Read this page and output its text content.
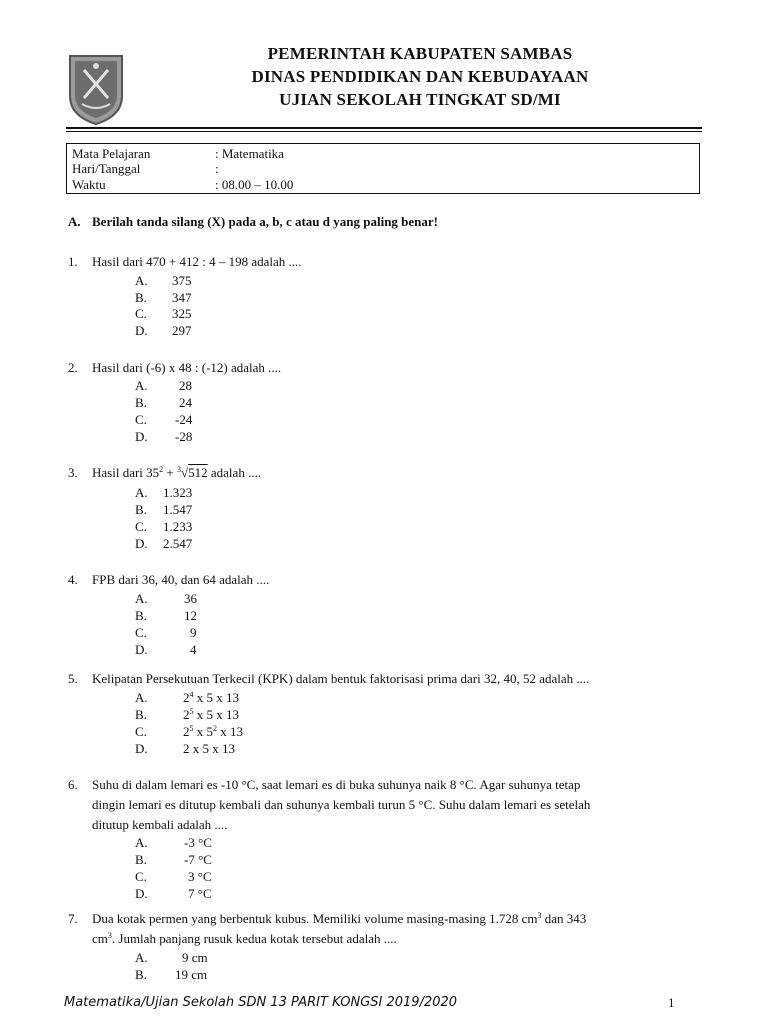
PEMERINTAH KABUPATEN SAMBAS
DINAS PENDIDIKAN DAN KEBUDAYAAN
UJIAN SEKOLAH TINGKAT SD/MI
Mata Pelajaran	: Matematika
Hari/Tanggal	:
Waktu	: 08.00 – 10.00
A. Berilah tanda silang (X) pada a, b, c atau d yang paling benar!
1. Hasil dari 470 + 412 : 4 – 198 adalah ....
A. 375
B. 347
C. 325
D. 297
2. Hasil dari (-6) x 48 : (-12) adalah ....
A. 28
B. 24
C. -24
D. -28
3. Hasil dari $35^2 + ^3√512$ adalah ....
A. 1.323
B. 1.547
C. 1.233
D. 2.547
4. FPB dari 36, 40, dan 64 adalah ....
A.	36
B.	12
C.	9
D.	4
5. Kelipatan Persekutuan Terkecil (KPK) dalam bentuk faktorisasi prima dari 32, 40, 52 adalah ....
A.	$2^4$ x 5 x 13
B.	$2^5$ x 5 x 13
C.	$2^5$ x $5^2$ x 13
D.	2 x 5 x 13
6. Suhu di dalam lemari es -10 °C, saat lemari es di buka suhunya naik 8 °C. Agar suhunya tetap
dingin lemari es ditutup kembali dan suhunya kembali turun 5 °C. Suhu dalam lemari es setelah
ditutup kembali adalah ....
A.	-3 °C
B.	-7 °C
C.	3 °C
D.	7 °C
7. Dua kotak permen yang berbentuk kubus. Memiliki volume masing-masing 1.728 $cm^3$ dan 343
$cm^3$. Jumlah panjang rusuk kedua kotak tersebut adalah ....
A.	9 cm
B. 19 cm
Matematika/Ujian Sekolah SDN 13 PARIT KONGSI 2019/2020	1
